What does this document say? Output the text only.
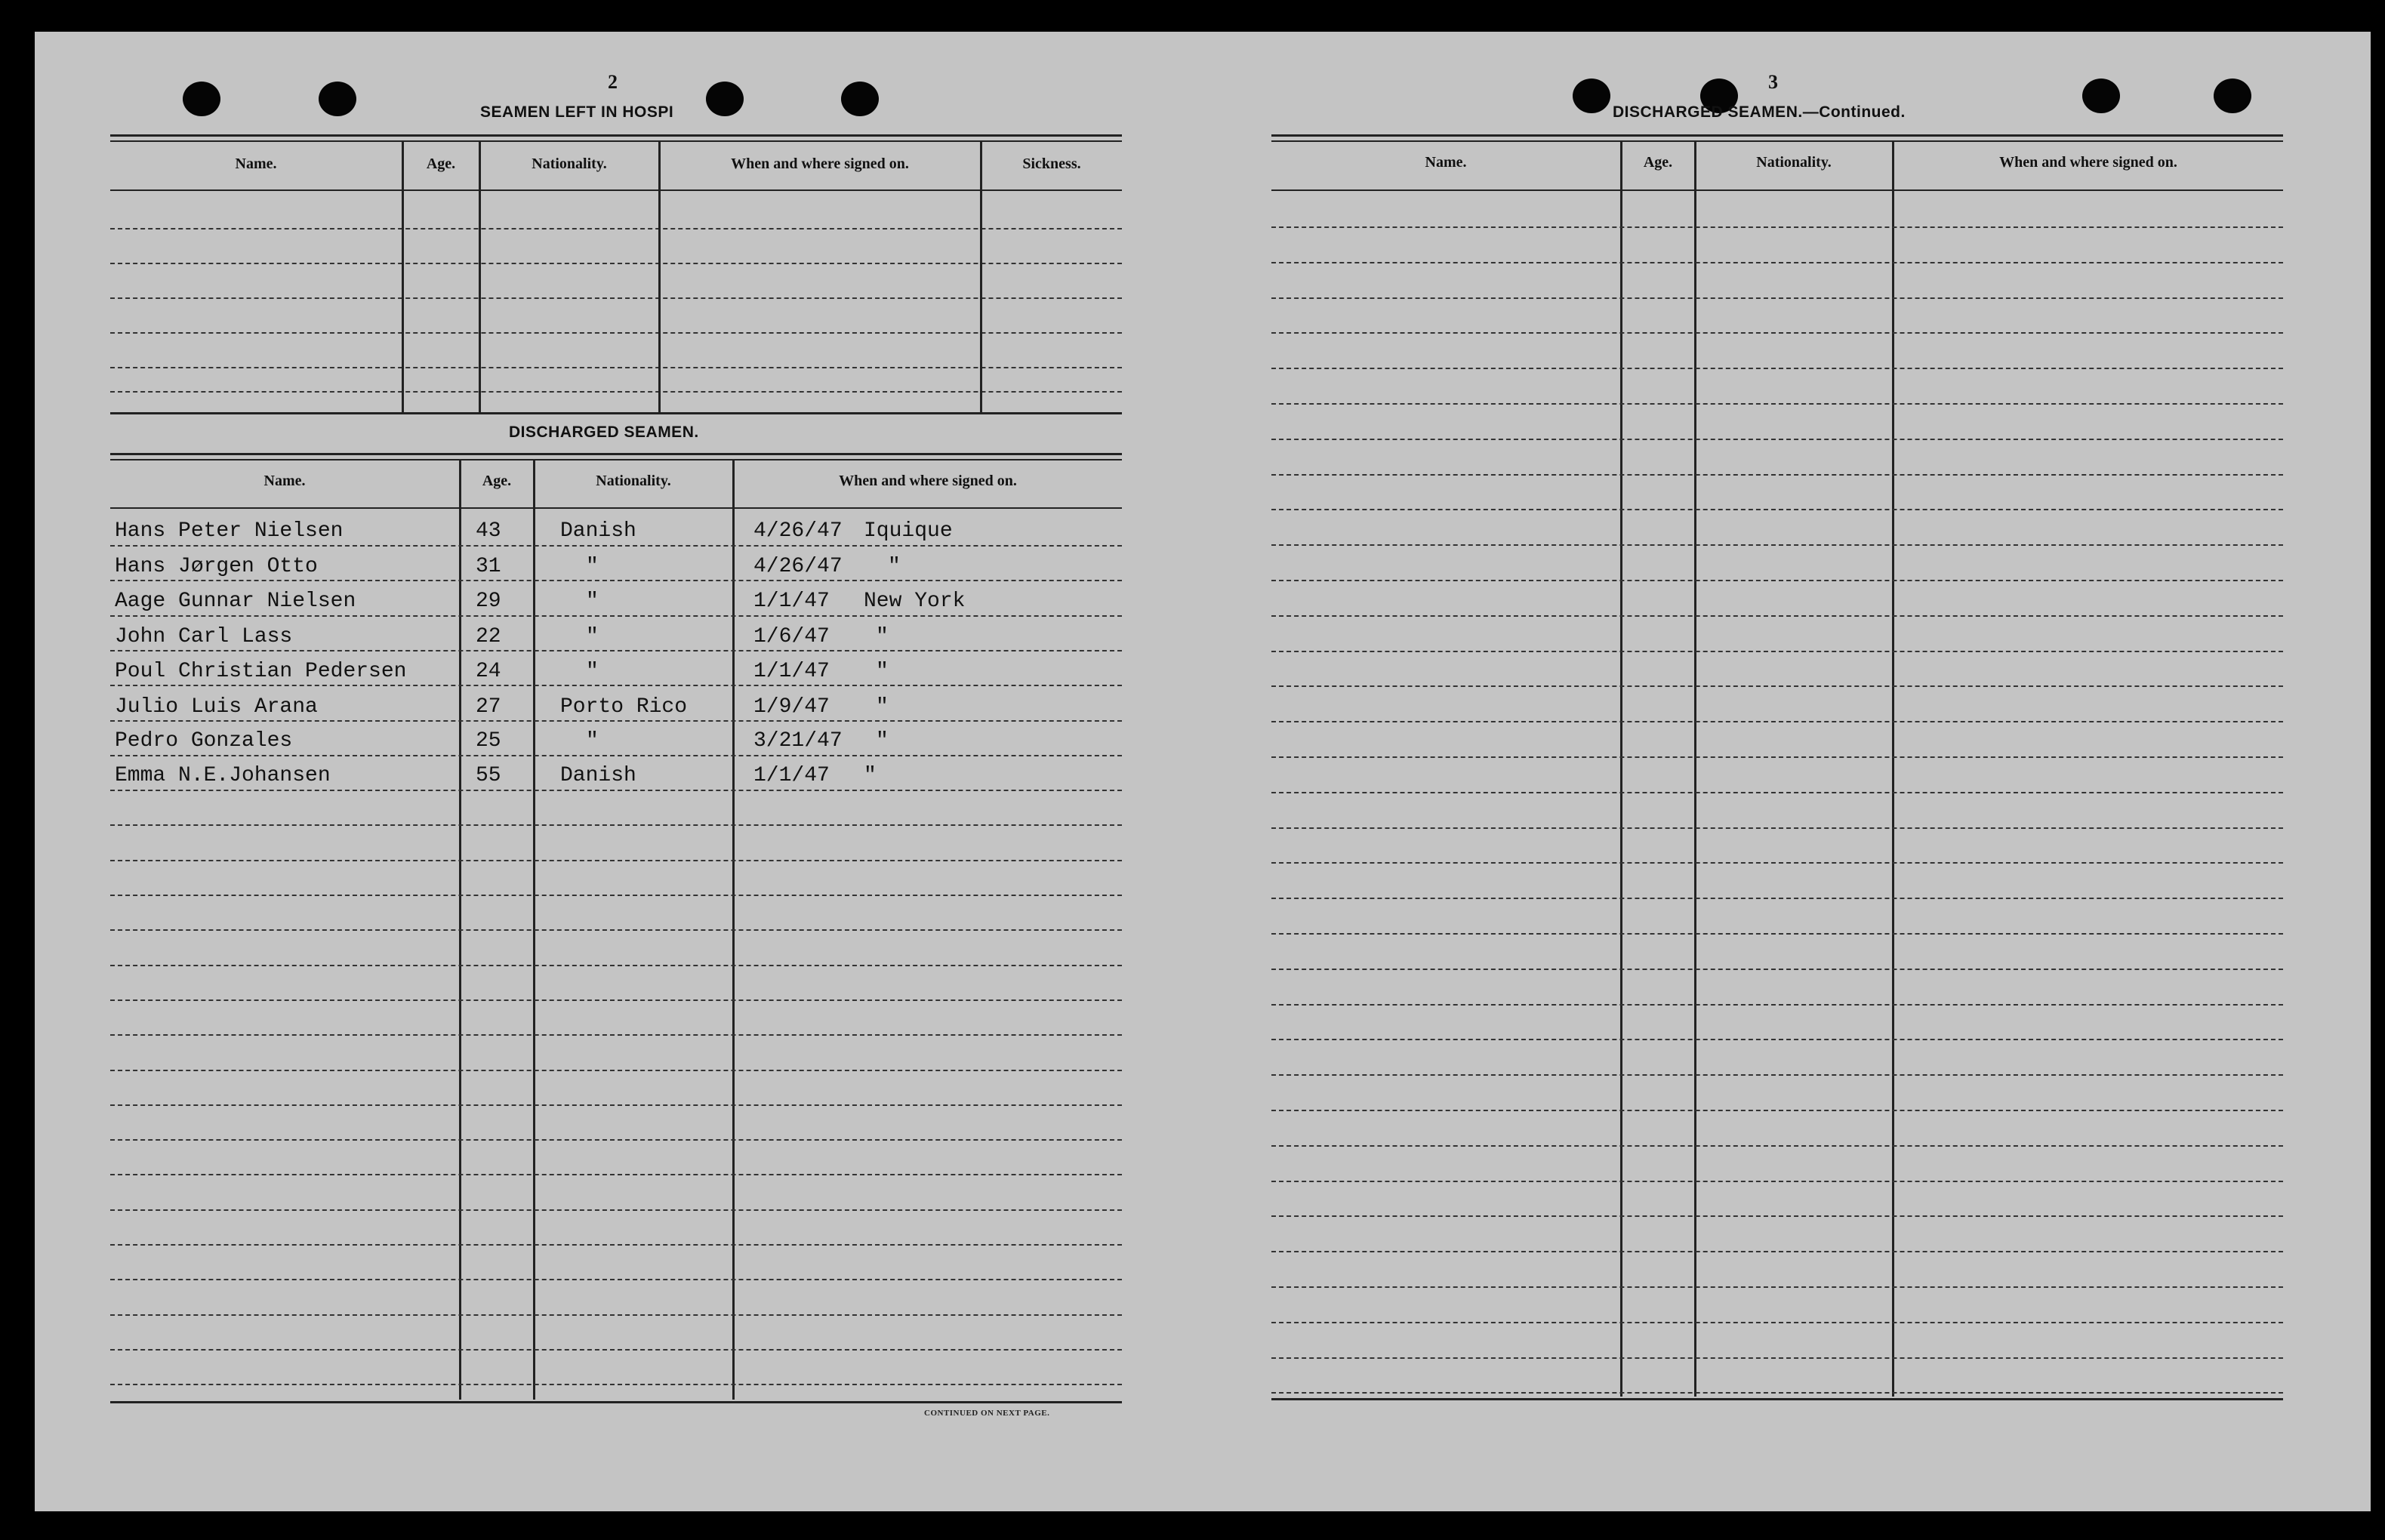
2
SEAMEN LEFT IN HOSPI
Name.	Age.	Nationality.	When and where signed on.	Sickness.
DISCHARGED SEAMEN.
Name.	Age.	Nationality.	When and where signed on.
Hans Peter Nielsen	43	Danish	4/26/47 Iquique
Hans Jørgen Otto	31	"	4/26/47 "
Aage Gunnar Nielsen	29	"	1/1/47 New York
John Carl Lass	22	"	1/6/47 "
Poul Christian Pedersen	24	"	1/1/47 "
Julio Luis Arana	27	Porto Rico	1/9/47 "
Pedro Gonzales	25	"	3/21/47 "
Emma N.E.Johansen	55	Danish	1/1/47 "
CONTINUED ON NEXT PAGE.
3
DISCHARGED SEAMEN.—Continued.
Name.	Age.	Nationality.	When and where signed on.
